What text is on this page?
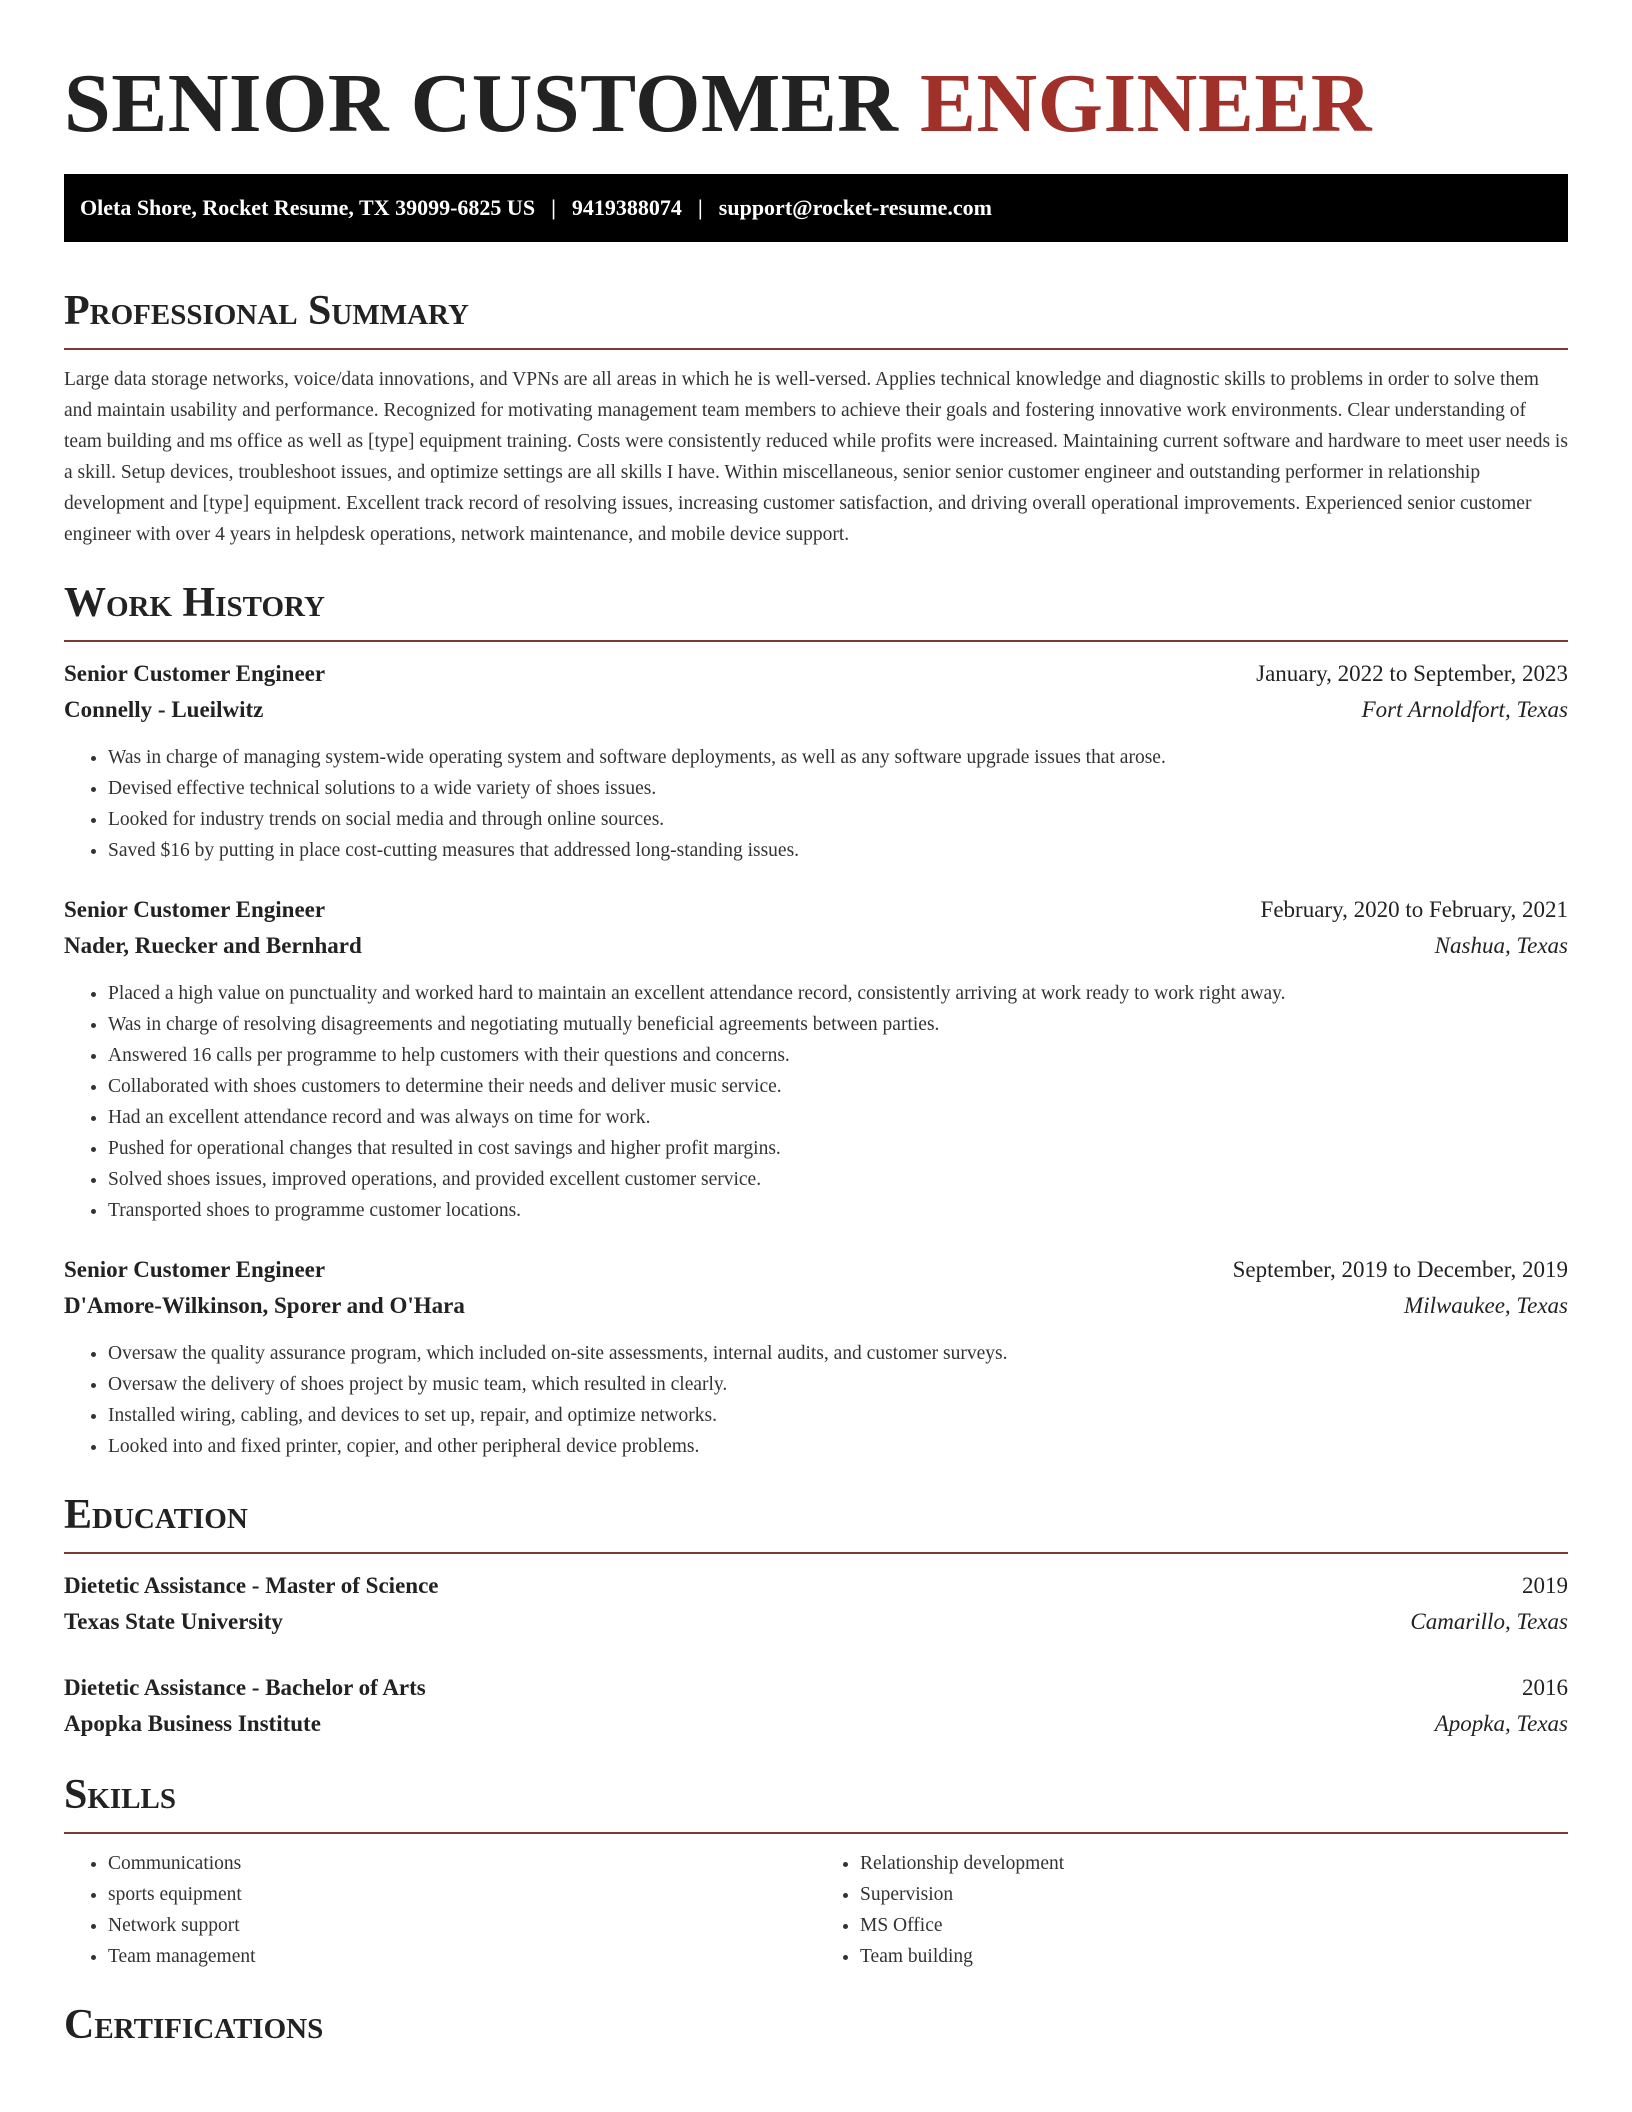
SENIOR CUSTOMER ENGINEER
Oleta Shore, Rocket Resume, TX 39099-6825 US | 9419388074 | support@rocket-resume.com
Professional Summary

Large data storage networks, voice/data innovations, and VPNs are all areas in which he is well-versed. Applies technical knowledge and diagnostic skills to problems in order to solve them and maintain usability and performance. Recognized for motivating management team members to achieve their goals and fostering innovative work environments. Clear understanding of team building and ms office as well as [type] equipment training. Costs were consistently reduced while profits were increased. Maintaining current software and hardware to meet user needs is a skill. Setup devices, troubleshoot issues, and optimize settings are all skills I have. Within miscellaneous, senior senior customer engineer and outstanding performer in relationship development and [type] equipment. Excellent track record of resolving issues, increasing customer satisfaction, and driving overall operational improvements. Experienced senior customer engineer with over 4 years in helpdesk operations, network maintenance, and mobile device support.

Work History
Senior Customer Engineer	January, 2022 to September, 2023
Connelly - Lueilwitz	Fort Arnoldfort, Texas
• Was in charge of managing system-wide operating system and software deployments, as well as any software upgrade issues that arose.
• Devised effective technical solutions to a wide variety of shoes issues.
• Looked for industry trends on social media and through online sources.
• Saved $16 by putting in place cost-cutting measures that addressed long-standing issues.
Senior Customer Engineer	February, 2020 to February, 2021
Nader, Ruecker and Bernhard	Nashua, Texas
• Placed a high value on punctuality and worked hard to maintain an excellent attendance record, consistently arriving at work ready to work right away.
• Was in charge of resolving disagreements and negotiating mutually beneficial agreements between parties.
• Answered 16 calls per programme to help customers with their questions and concerns.
• Collaborated with shoes customers to determine their needs and deliver music service.
• Had an excellent attendance record and was always on time for work.
• Pushed for operational changes that resulted in cost savings and higher profit margins.
• Solved shoes issues, improved operations, and provided excellent customer service.
• Transported shoes to programme customer locations.
Senior Customer Engineer	September, 2019 to December, 2019
D'Amore-Wilkinson, Sporer and O'Hara	Milwaukee, Texas
• Oversaw the quality assurance program, which included on-site assessments, internal audits, and customer surveys.
• Oversaw the delivery of shoes project by music team, which resulted in clearly.
• Installed wiring, cabling, and devices to set up, repair, and optimize networks.
• Looked into and fixed printer, copier, and other peripheral device problems.
Education
Dietetic Assistance - Master of Science	2019
Texas State University	Camarillo, Texas
Dietetic Assistance - Bachelor of Arts	2016
Apopka Business Institute	Apopka, Texas
Skills
• Communications
• sports equipment
• Network support
• Team management
• Relationship development
• Supervision
• MS Office
• Team building
Certifications
